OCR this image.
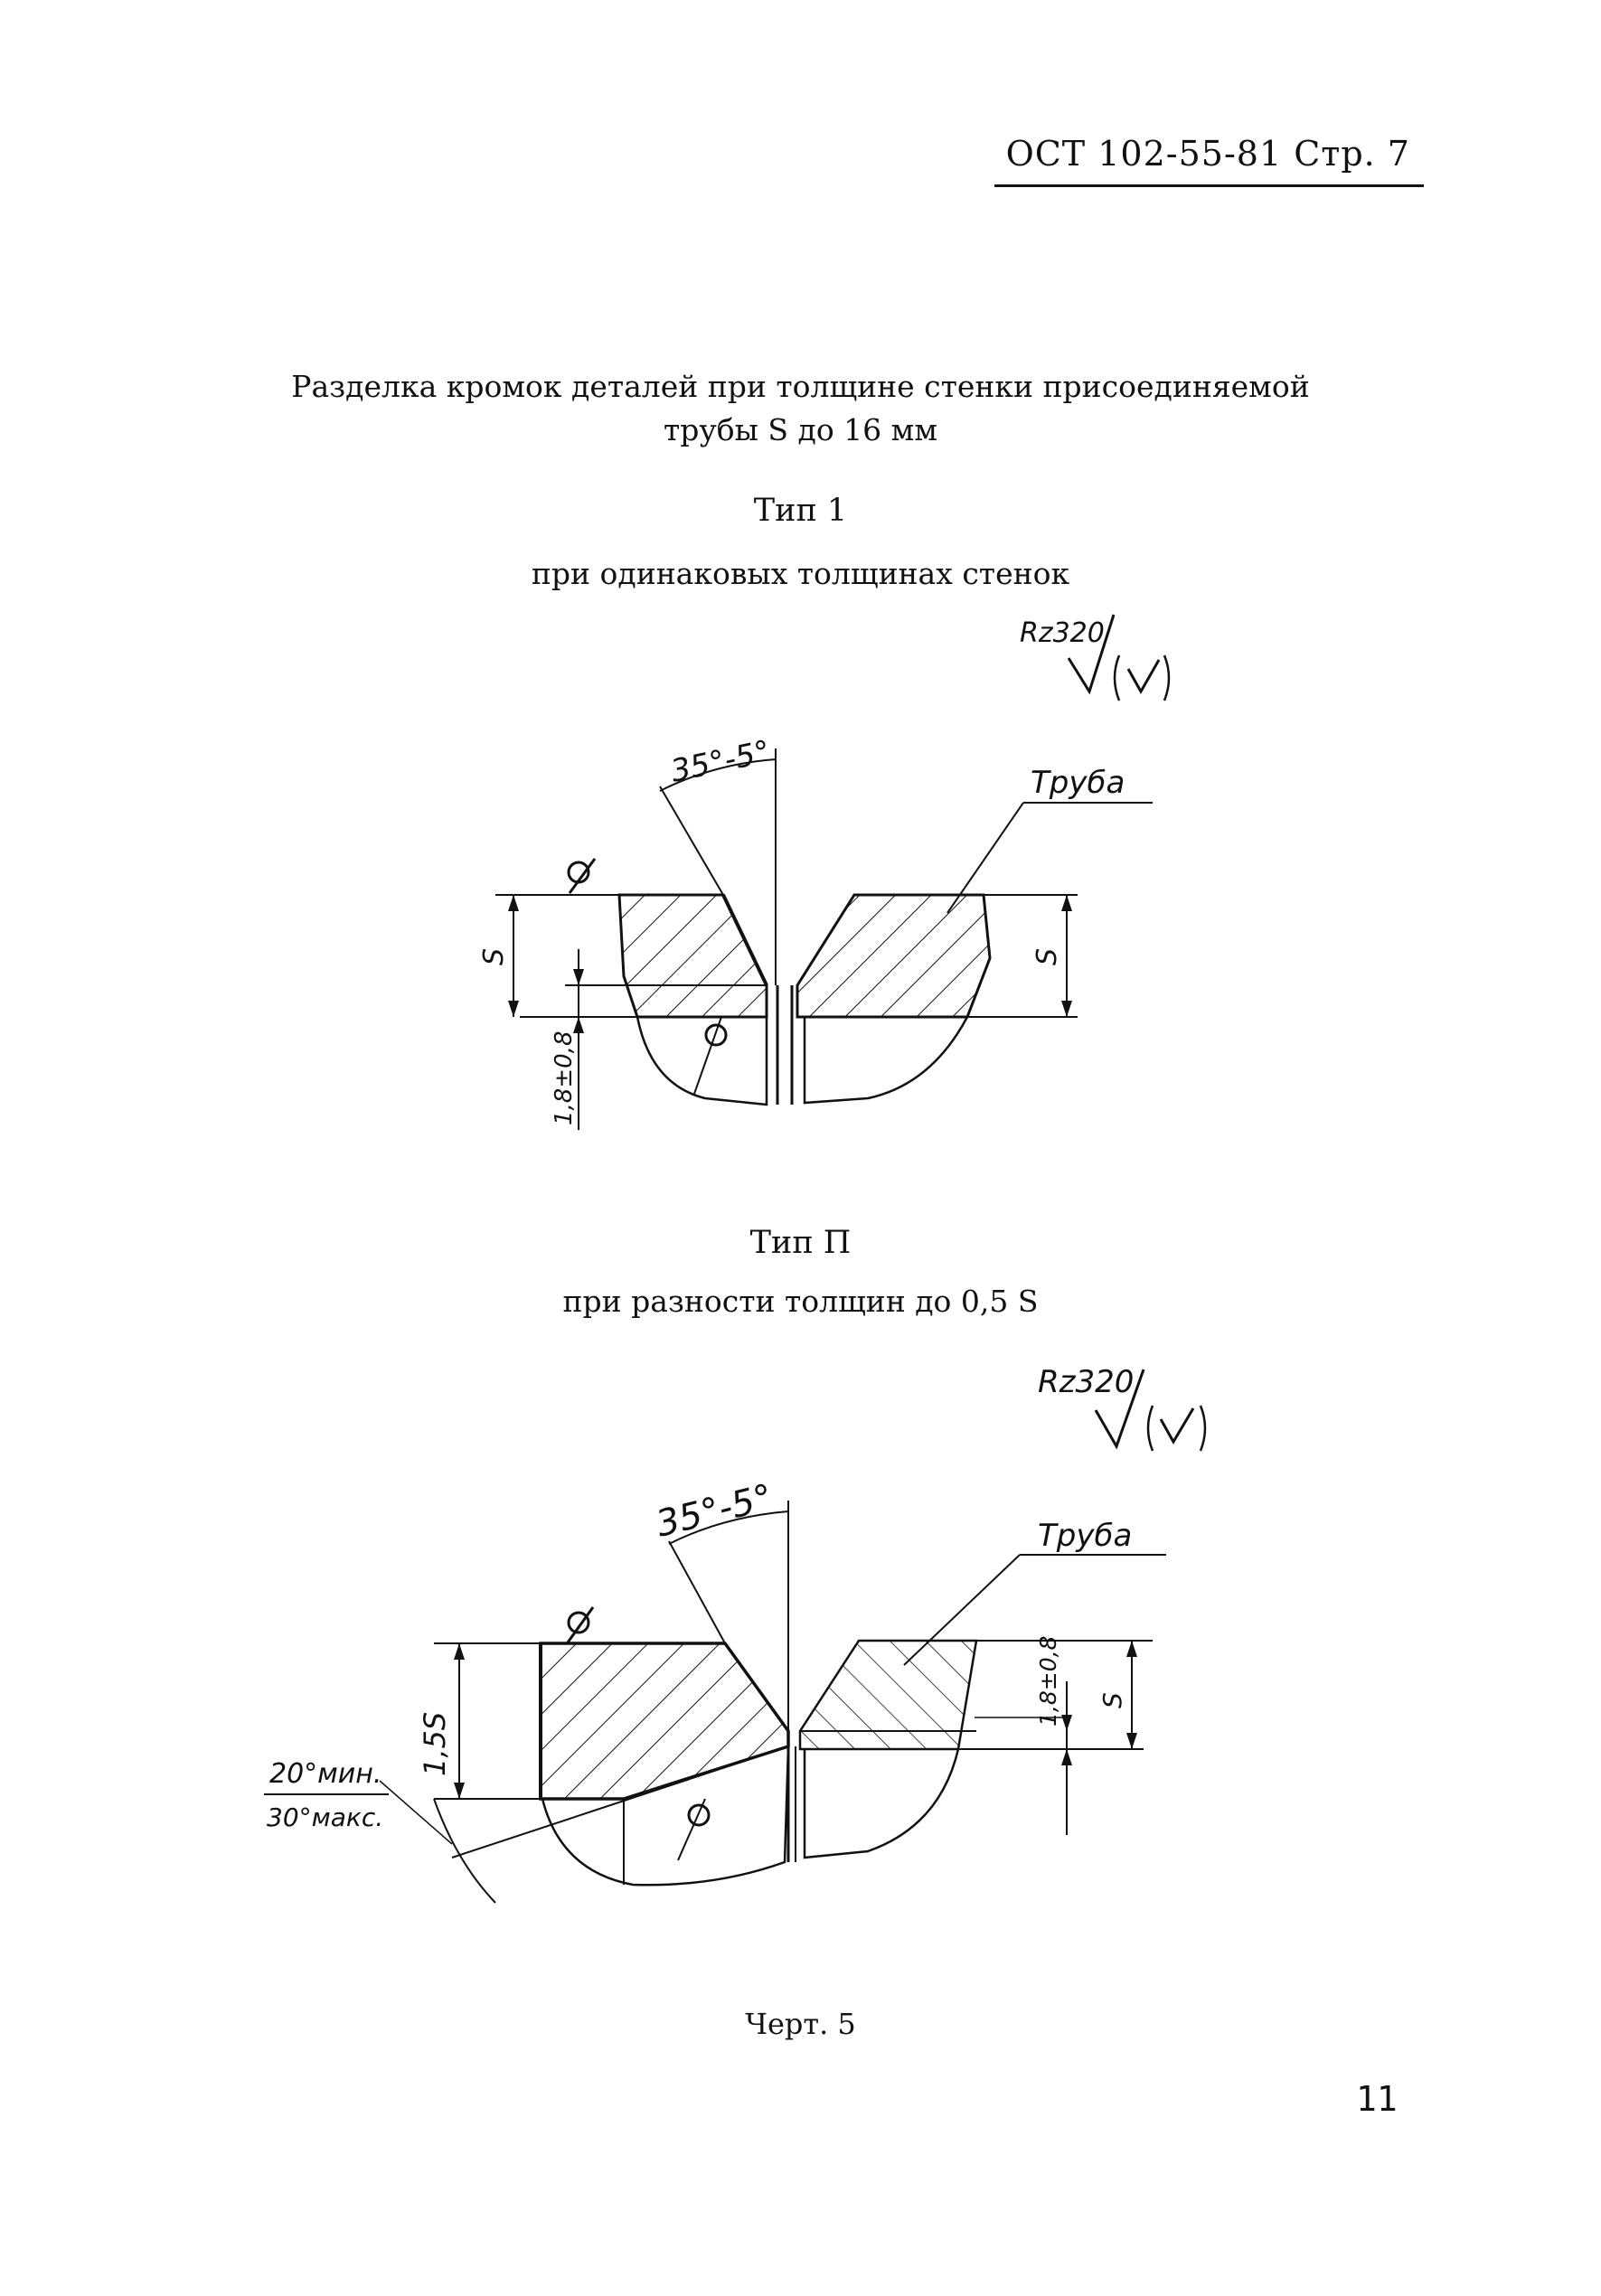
ОСТ 102-55-81 Стр. 7
Разделка кромок деталей при толщине стенки присоединяемой
трубы S до 16 мм
Тип 1
при одинаковых толщинах стенок
Тип П
при разности толщин до 0,5 S
Черт. 5
11
Rz320
35°-5°
S	S
1,8±0,8
Труба
Rz320
35°-5°
1,5S
1,8±0,8 S
20°мин.
30°макс.
Труба
